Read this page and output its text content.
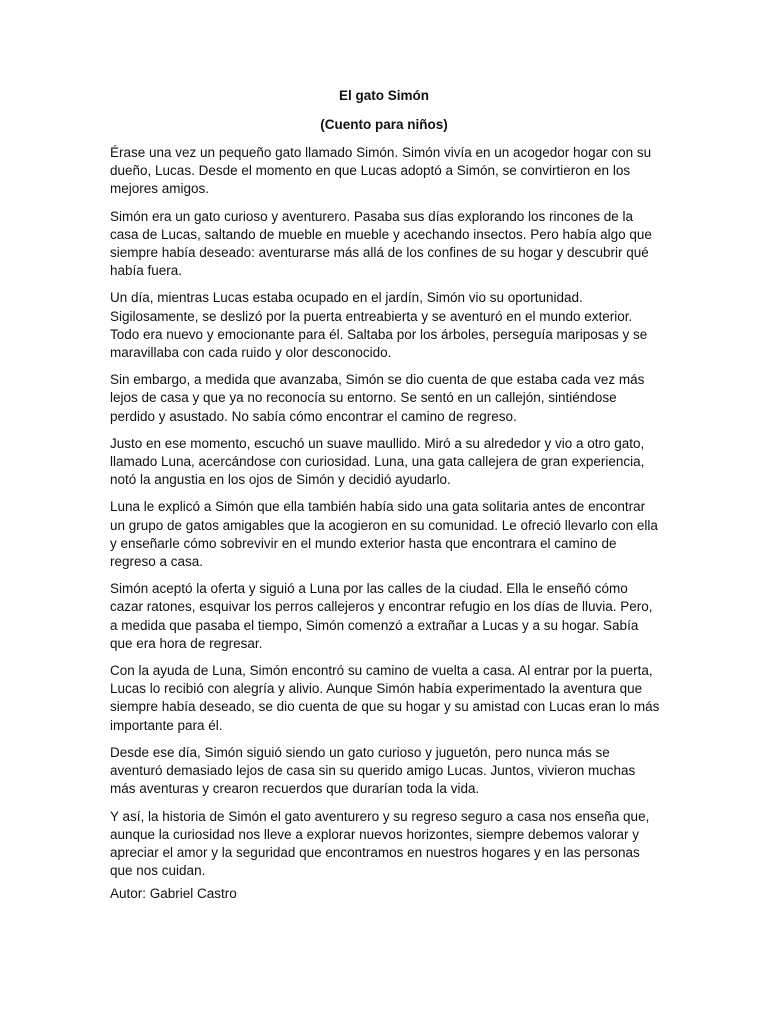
El gato Simón

(Cuento para niños)

Érase una vez un pequeño gato llamado Simón. Simón vivía en un acogedor hogar con su dueño, Lucas. Desde el momento en que Lucas adoptó a Simón, se convirtieron en los mejores amigos.

Simón era un gato curioso y aventurero. Pasaba sus días explorando los rincones de la casa de Lucas, saltando de mueble en mueble y acechando insectos. Pero había algo que siempre había deseado: aventurarse más allá de los confines de su hogar y descubrir qué había fuera.

Un día, mientras Lucas estaba ocupado en el jardín, Simón vio su oportunidad. Sigilosamente, se deslizó por la puerta entreabierta y se aventuró en el mundo exterior. Todo era nuevo y emocionante para él. Saltaba por los árboles, perseguía mariposas y se maravillaba con cada ruido y olor desconocido.

Sin embargo, a medida que avanzaba, Simón se dio cuenta de que estaba cada vez más lejos de casa y que ya no reconocía su entorno. Se sentó en un callejón, sintiéndose perdido y asustado. No sabía cómo encontrar el camino de regreso.

Justo en ese momento, escuchó un suave maullido. Miró a su alrededor y vio a otro gato, llamado Luna, acercándose con curiosidad. Luna, una gata callejera de gran experiencia, notó la angustia en los ojos de Simón y decidió ayudarlo.

Luna le explicó a Simón que ella también había sido una gata solitaria antes de encontrar un grupo de gatos amigables que la acogieron en su comunidad. Le ofreció llevarlo con ella y enseñarle cómo sobrevivir en el mundo exterior hasta que encontrara el camino de regreso a casa.

Simón aceptó la oferta y siguió a Luna por las calles de la ciudad. Ella le enseñó cómo cazar ratones, esquivar los perros callejeros y encontrar refugio en los días de lluvia. Pero, a medida que pasaba el tiempo, Simón comenzó a extrañar a Lucas y a su hogar. Sabía que era hora de regresar.

Con la ayuda de Luna, Simón encontró su camino de vuelta a casa. Al entrar por la puerta, Lucas lo recibió con alegría y alivio. Aunque Simón había experimentado la aventura que siempre había deseado, se dio cuenta de que su hogar y su amistad con Lucas eran lo más importante para él.

Desde ese día, Simón siguió siendo un gato curioso y juguetón, pero nunca más se aventuró demasiado lejos de casa sin su querido amigo Lucas. Juntos, vivieron muchas más aventuras y crearon recuerdos que durarían toda la vida.

Y así, la historia de Simón el gato aventurero y su regreso seguro a casa nos enseña que, aunque la curiosidad nos lleve a explorar nuevos horizontes, siempre debemos valorar y apreciar el amor y la seguridad que encontramos en nuestros hogares y en las personas que nos cuidan.

Autor: Gabriel Castro
